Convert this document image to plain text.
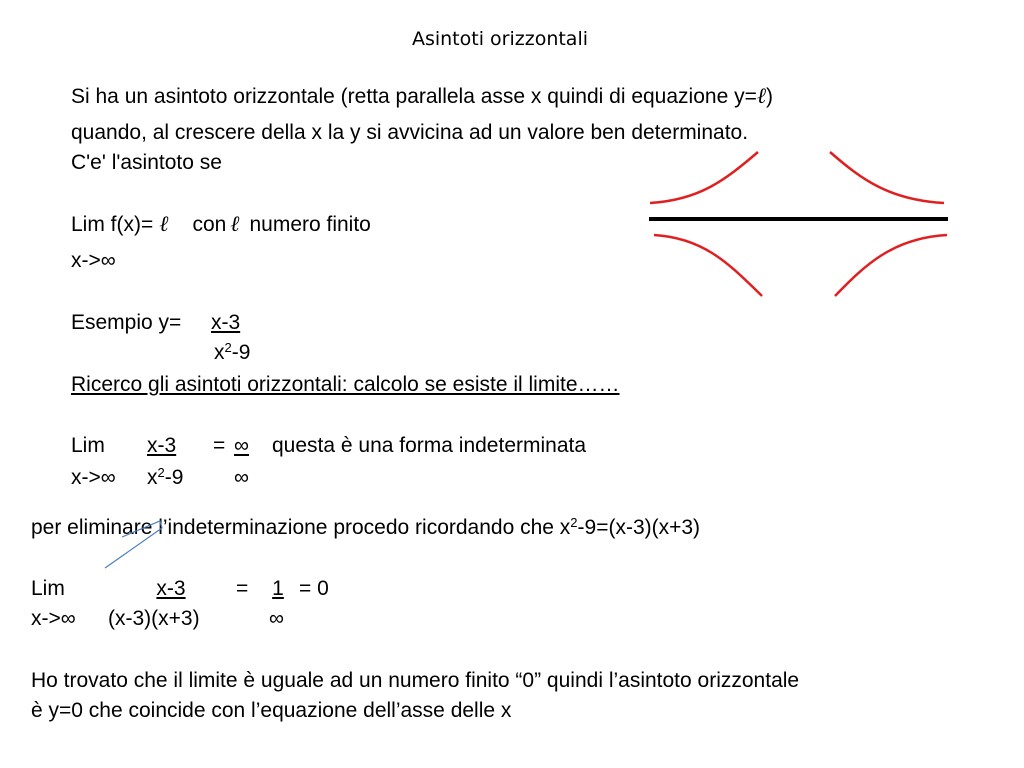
Asintoti orizzontali
Si ha un asintoto orizzontale (retta parallela asse x quindi di equazione y=ℓ)
quando, al crescere della x la y si avvicina ad un valore ben determinato.
C'e' l'asintoto se
Lim f(x)= ℓ con ℓ numero finito
x->∞
Esempio y= x-3
$x^2-9$
Ricerco gli asintoti orizzontali: calcolo se esiste il limite……
Lim x-3	= ∞	questa è una forma indeterminata
x->∞ $x^2-9$ ∞
per eliminare l’indeterminazione procedo ricordando che $x^2-9=(x-3)(x+3)$
Lim	x-3	=	1 = 0
x->∞ (x-3)(x+3)	∞
Ho trovato che il limite è uguale ad un numero finito “0” quindi l’asintoto orizzontale
è y=0 che coincide con l’equazione dell’asse delle x
